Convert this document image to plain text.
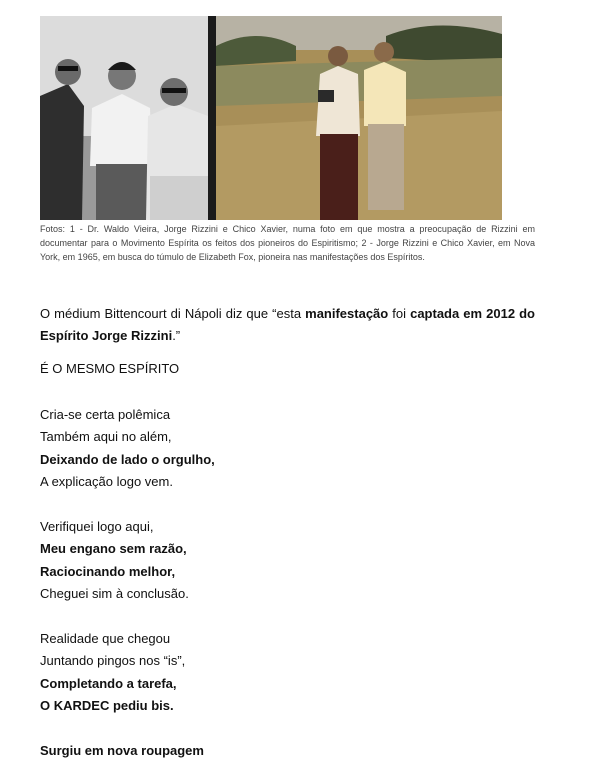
Fotos: 1 - Dr. Waldo Vieira, Jorge Rizzini e Chico Xavier, numa foto em que mostra a preocupação de Rizzini em documentar para o Movimento Espírita os feitos dos pioneiros do Espiritismo; 2 - Jorge Rizzini e Chico Xavier, em Nova York, em 1965, em busca do túmulo de Elizabeth Fox, pioneira nas manifestações dos Espíritos.

O médium Bittencourt di Nápoli diz que “esta manifestação foi captada em 2012 do Espírito Jorge Rizzini.”

É O MESMO ESPÍRITO
Cria-se certa polêmica
Também aqui no além,
Deixando de lado o orgulho,
A explicação logo vem.
Verifiquei logo aqui,
Meu engano sem razão,
Raciocinando melhor,
Cheguei sim à conclusão.
Realidade que chegou
Juntando pingos nos “is”,
Completando a tarefa,
O KARDEC pediu bis.
Surgiu em nova roupagem
